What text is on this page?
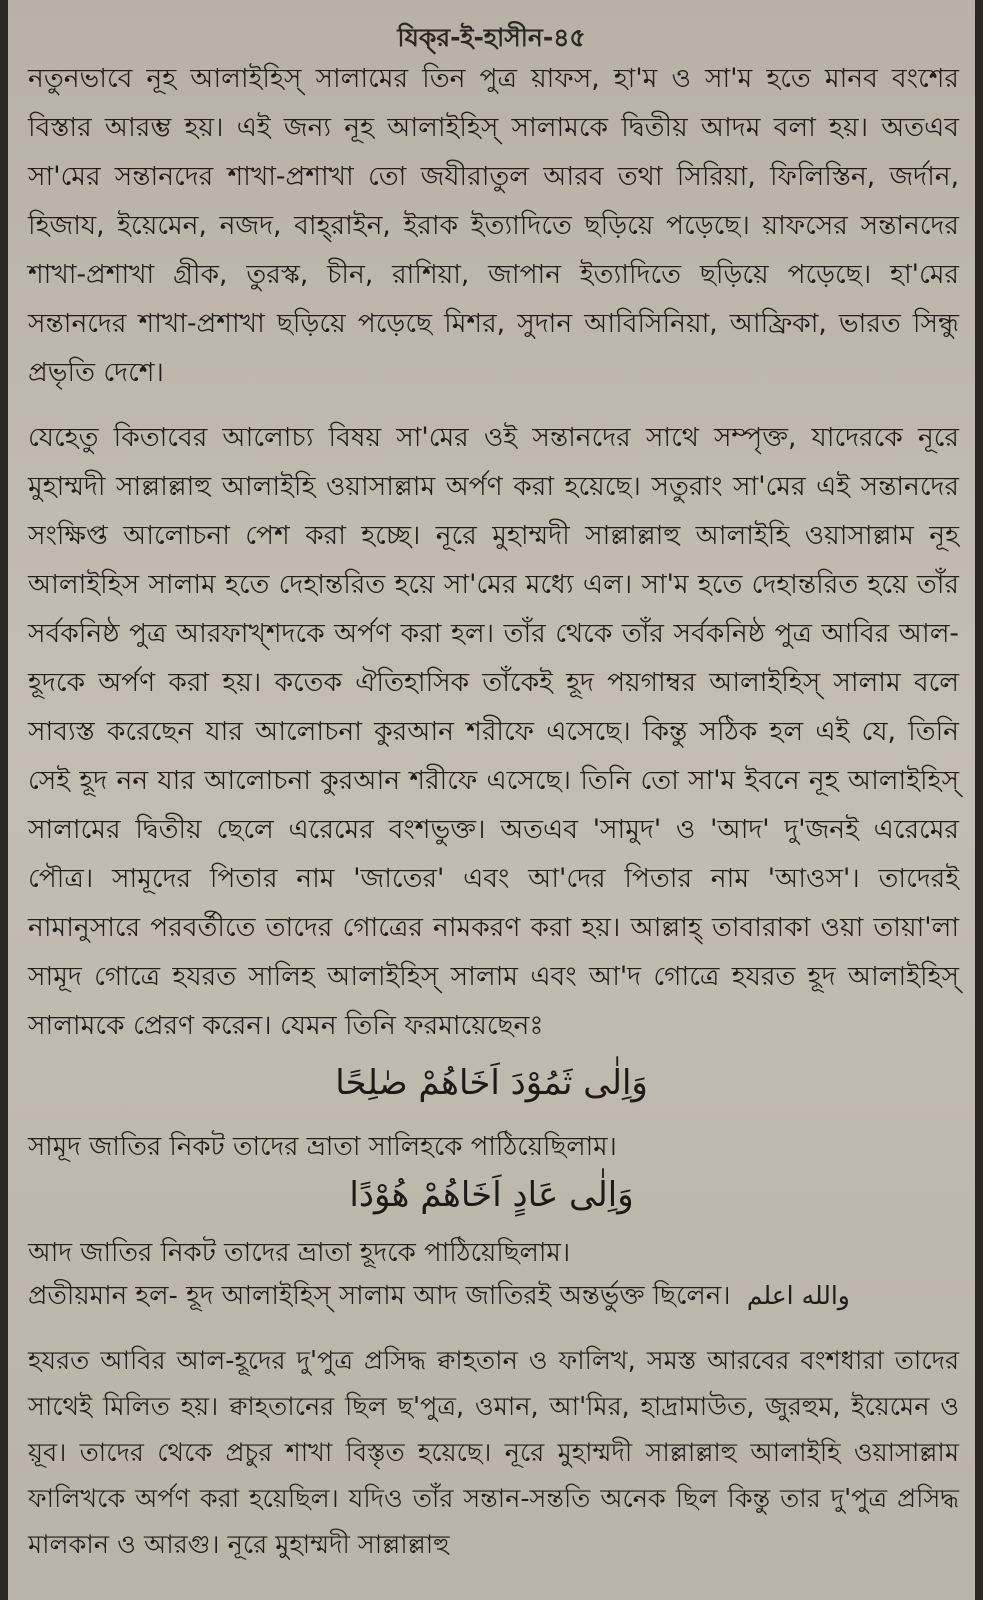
যিক্‌র-ই-হাসীন-৪৫

নতুনভাবে নূহ আলাইহিস্ সালামের তিন পুত্র য়াফস, হা'ম ও সা'ম হতে মানব বংশের বিস্তার আরম্ভ হয়। এই জন্য নূহ আলাইহিস্ সালামকে দ্বিতীয় আদম বলা হয়। অতএব সা'মের সন্তানদের শাখা-প্রশাখা তো জযীরাতুল আরব তথা সিরিয়া, ফিলিস্তিন, জর্দান, হিজায, ইয়েমেন, নজদ, বাহ্‌রাইন, ইরাক ইত্যাদিতে ছড়িয়ে পড়েছে। য়াফসের সন্তানদের শাখা-প্রশাখা গ্রীক, তুরস্ক, চীন, রাশিয়া, জাপান ইত্যাদিতে ছড়িয়ে পড়েছে। হা'মের সন্তানদের শাখা-প্রশাখা ছড়িয়ে পড়েছে মিশর, সুদান আবিসিনিয়া, আফ্রিকা, ভারত সিন্ধু প্রভৃতি দেশে।

যেহেতু কিতাবের আলোচ্য বিষয় সা'মের ওই সন্তানদের সাথে সম্পৃক্ত, যাদেরকে নূরে মুহাম্মদী সাল্লাল্লাহু আলাইহি ওয়াসাল্লাম অর্পণ করা হয়েছে। সতুরাং সা'মের এই সন্তানদের সংক্ষিপ্ত আলোচনা পেশ করা হচ্ছে। নূরে মুহাম্মদী সাল্লাল্লাহু আলাইহি ওয়াসাল্লাম নূহ আলাইহিস সালাম হতে দেহান্তরিত হয়ে সা'মের মধ্যে এল। সা'ম হতে দেহান্তরিত হয়ে তাঁর সর্বকনিষ্ঠ পুত্র আরফাখ্‌শদকে অর্পণ করা হল। তাঁর থেকে তাঁর সর্বকনিষ্ঠ পুত্র আবির আল-হূদকে অর্পণ করা হয়। কতেক ঐতিহাসিক তাঁকেই হূদ পয়গাম্বর আলাইহিস্ সালাম বলে সাব্যস্ত করেছেন যার আলোচনা কুরআন শরীফে এসেছে। কিন্তু সঠিক হল এই যে, তিনি সেই হূদ নন যার আলোচনা কুরআন শরীফে এসেছে। তিনি তো সা'ম ইবনে নূহ আলাইহিস্ সালামের দ্বিতীয় ছেলে এরেমের বংশভুক্ত। অতএব 'সামুদ' ও 'আদ' দু'জনই এরেমের পৌত্র। সামূদের পিতার নাম 'জাতের' এবং আ'দের পিতার নাম 'আওস'। তাদেরই নামানুসারে পরবর্তীতে তাদের গোত্রের নামকরণ করা হয়। আল্লাহ্ তাবারাকা ওয়া তায়া'লা সামূদ গোত্রে হযরত সালিহ আলাইহিস্ সালাম এবং আ'দ গোত্রে হযরত হূদ আলাইহিস্ সালামকে প্রেরণ করেন। যেমন তিনি ফরমায়েছেনঃ

وَاِلٰى ثَمُوْدَ اَخَاهُمْ صٰلِحًا
সামূদ জাতির নিকট তাদের ভ্রাতা সালিহকে পাঠিয়েছিলাম।
وَاِلٰى عَادٍ اَخَاهُمْ هُوْدًا
আদ জাতির নিকট তাদের ভ্রাতা হূদকে পাঠিয়েছিলাম।
প্রতীয়মান হল- হূদ আলাইহিস্ সালাম আদ জাতিরই অন্তর্ভুক্ত ছিলেন। والله اعلم

হযরত আবির আল-হূদের দু'পুত্র প্রসিদ্ধ ক্বাহতান ও ফালিখ, সমস্ত আরবের বংশধারা তাদের সাথেই মিলিত হয়। ক্বাহতানের ছিল ছ'পুত্র, ওমান, আ'মির, হাদ্রামাউত, জুরহুম, ইয়েমেন ও য়ূব। তাদের থেকে প্রচুর শাখা বিস্তৃত হয়েছে। নূরে মুহাম্মদী সাল্লাল্লাহু আলাইহি ওয়াসাল্লাম ফালিখকে অর্পণ করা হয়েছিল। যদিও তাঁর সন্তান-সন্ততি অনেক ছিল কিন্তু তার দু'পুত্র প্রসিদ্ধ মালকান ও আরগু। নূরে মুহাম্মদী সাল্লাল্লাহু
